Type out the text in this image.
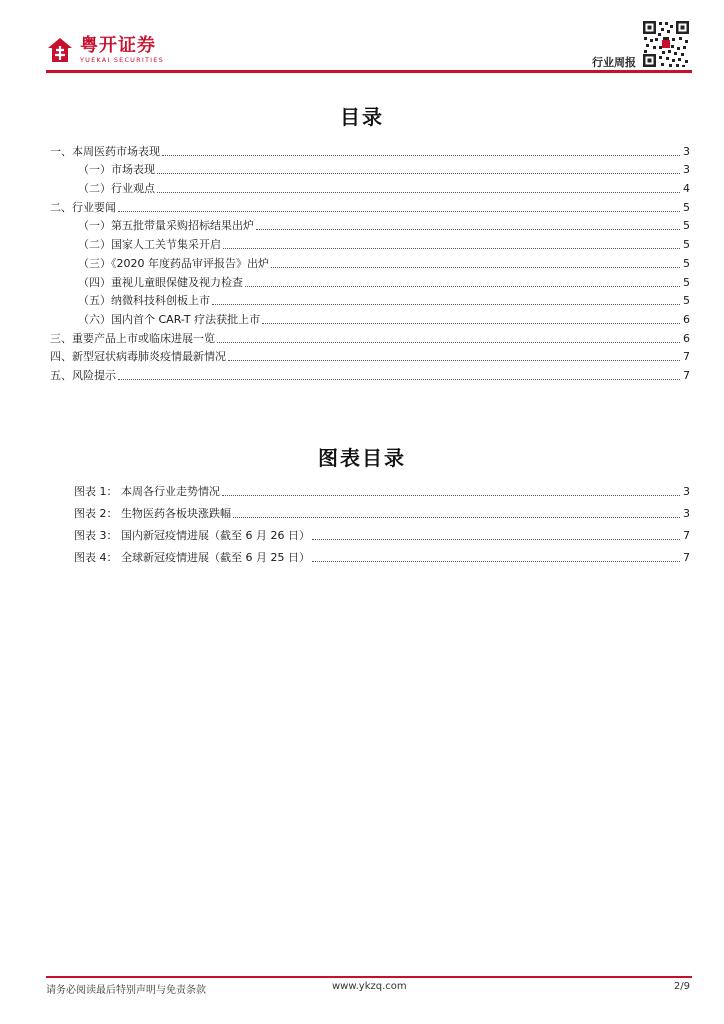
粤开证券
YUEKAI SECURITIES	行业周报
目录
一、本周医药市场表现	3
（一）市场表现	3
（二）行业观点	4
二、行业要闻	5
（一）第五批带量采购招标结果出炉	5
（二）国家人工关节集采开启	5
（三）《2020 年度药品审评报告》出炉	5
（四）重视儿童眼保健及视力检查	5
（五）纳微科技科创板上市	5
（六）国内首个 CAR-T 疗法获批上市	6
三、重要产品上市或临床进展一览	6
四、新型冠状病毒肺炎疫情最新情况	7
五、风险提示	7
图表目录
图表 1： 本周各行业走势情况	3
图表 2： 生物医药各板块涨跌幅	3
图表 3： 国内新冠疫情进展（截至 6 月 26 日）	7
图表 4： 全球新冠疫情进展（截至 6 月 25 日）	7
请务必阅读最后特别声明与免责条款	www.ykzq.com	2/9
